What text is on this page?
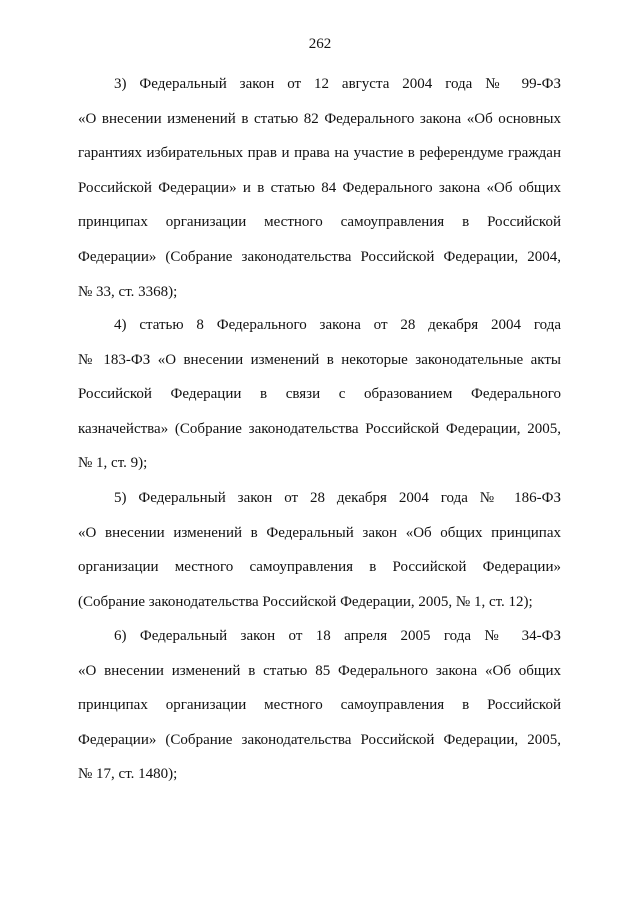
262
3) Федеральный закон от 12 августа 2004 года № 99-ФЗ
«О внесении изменений в статью 82 Федерального закона «Об основных
гарантиях избирательных прав и права на участие в референдуме граждан
Российской Федерации» и в статью 84 Федерального закона «Об общих
принципах организации местного самоуправления в Российской
Федерации» (Собрание законодательства Российской Федерации, 2004,
№ 33, ст. 3368);
4) статью 8 Федерального закона от 28 декабря 2004 года
№ 183-ФЗ «О внесении изменений в некоторые законодательные акты
Российской Федерации в связи с образованием Федерального
казначейства» (Собрание законодательства Российской Федерации, 2005,
№ 1, ст. 9);
5) Федеральный закон от 28 декабря 2004 года № 186-ФЗ
«О внесении изменений в Федеральный закон «Об общих принципах
организации местного самоуправления в Российской Федерации»
(Собрание законодательства Российской Федерации, 2005, № 1, ст. 12);
6) Федеральный закон от 18 апреля 2005 года № 34-ФЗ
«О внесении изменений в статью 85 Федерального закона «Об общих
принципах организации местного самоуправления в Российской
Федерации» (Собрание законодательства Российской Федерации, 2005,
№ 17, ст. 1480);
